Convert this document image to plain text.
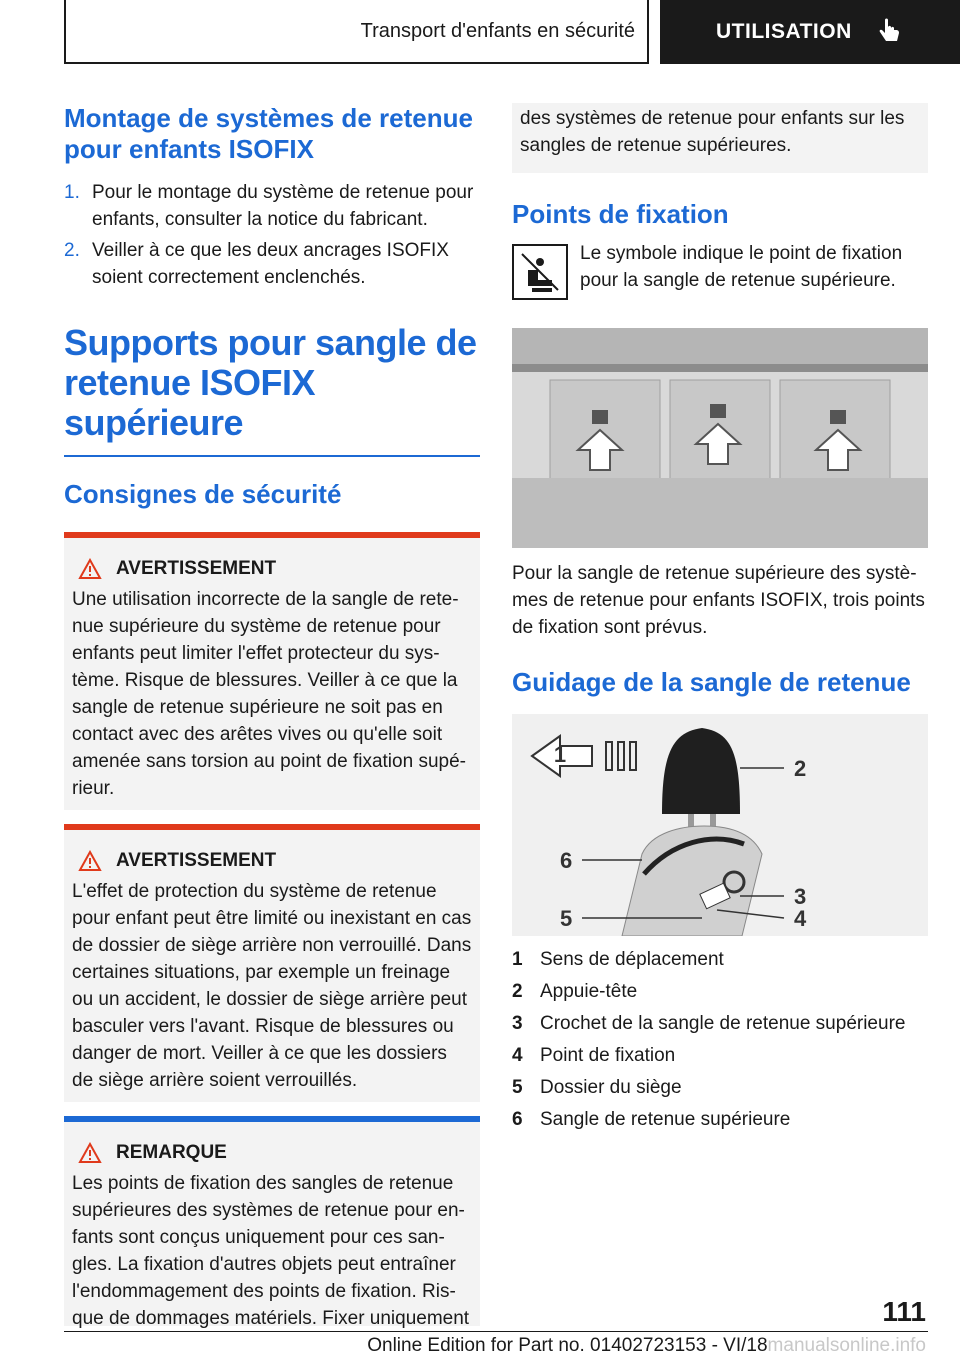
Transport d'enfants en sécurité	UTILISATION
Montage de systèmes de retenue pour enfants ISOFIX
1. Pour le montage du système de retenue pour enfants, consulter la notice du fabricant.
2. Veiller à ce que les deux ancrages ISOFIX soient correctement enclenchés.
Supports pour sangle de retenue ISOFIX supérieure
Consignes de sécurité
AVERTISSEMENT

Une utilisation incorrecte de la sangle de rete-nue supérieure du système de retenue pour enfants peut limiter l'effet protecteur du sys-tème. Risque de blessures. Veiller à ce que la sangle de retenue supérieure ne soit pas en contact avec des arêtes vives ou qu'elle soit amenée sans torsion au point de fixation supé-rieur.

AVERTISSEMENT

L'effet de protection du système de retenue pour enfant peut être limité ou inexistant en cas de dossier de siège arrière non verrouillé. Dans certaines situations, par exemple un freinage ou un accident, le dossier de siège arrière peut basculer vers l'avant. Risque de blessures ou danger de mort. Veiller à ce que les dossiers de siège arrière soient verrouillés.

REMARQUE

Les points de fixation des sangles de retenue supérieures des systèmes de retenue pour en-fants sont conçus uniquement pour ces san-gles. La fixation d'autres objets peut entraîner l'endommagement des points de fixation. Ris-que de dommages matériels. Fixer uniquement

des systèmes de retenue pour enfants sur les sangles de retenue supérieures.

Points de fixation

Le symbole indique le point de fixation pour la sangle de retenue supérieure.

Pour la sangle de retenue supérieure des systè-mes de retenue pour enfants ISOFIX, trois points de fixation sont prévus.

Guidage de la sangle de retenue
1
2
6
3
5	4
1 Sens de déplacement
2 Appuie-tête
3 Crochet de la sangle de retenue supérieure
4 Point de fixation
5 Dossier du siège
6 Sangle de retenue supérieure
111
Online Edition for Part no. 01402723153 - VI/18manualsonline.info
